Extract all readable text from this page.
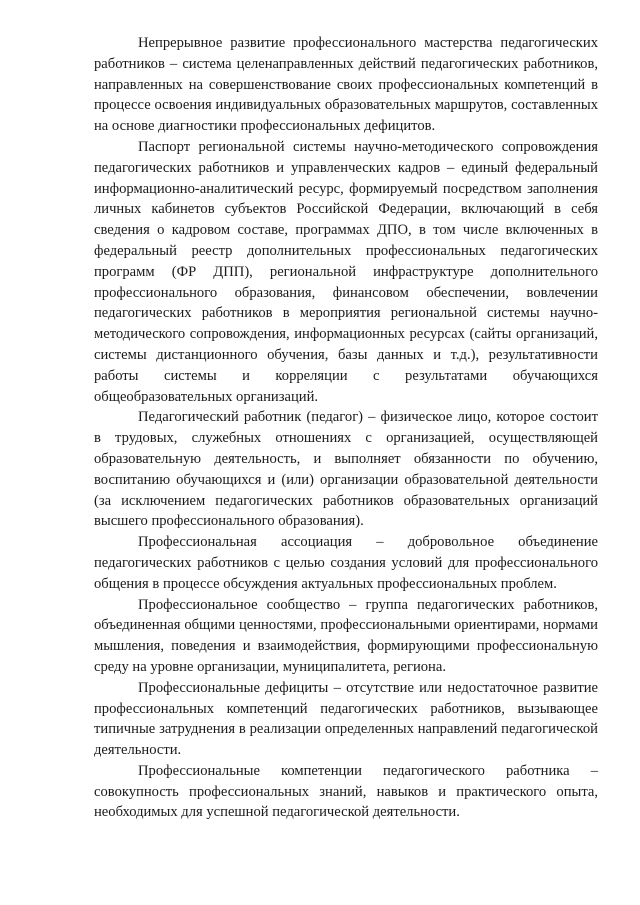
Непрерывное развитие профессионального мастерства педагогических работников – система целенаправленных действий педагогических работников, направленных на совершенствование своих профессиональных компетенций в процессе освоения индивидуальных образовательных маршрутов, составленных на основе диагностики профессиональных дефицитов.

Паспорт региональной системы научно-методического сопровождения педагогических работников и управленческих кадров – единый федеральный информационно-аналитический ресурс, формируемый посредством заполнения личных кабинетов субъектов Российской Федерации, включающий в себя сведения о кадровом составе, программах ДПО, в том числе включенных в федеральный реестр дополнительных профессиональных педагогических программ (ФР ДПП), региональной инфраструктуре дополнительного профессионального образования, финансовом обеспечении, вовлечении педагогических работников в мероприятия региональной системы научно-методического сопровождения, информационных ресурсах (сайты организаций, системы дистанционного обучения, базы данных и т.д.), результативности работы системы и корреляции с результатами обучающихся общеобразовательных организаций.

Педагогический работник (педагог) – физическое лицо, которое состоит в трудовых, служебных отношениях с организацией, осуществляющей образовательную деятельность, и выполняет обязанности по обучению, воспитанию обучающихся и (или) организации образовательной деятельности (за исключением педагогических работников образовательных организаций высшего профессионального образования).

Профессиональная ассоциация – добровольное объединение педагогических работников с целью создания условий для профессионального общения в процессе обсуждения актуальных профессиональных проблем.

Профессиональное сообщество – группа педагогических работников, объединенная общими ценностями, профессиональными ориентирами, нормами мышления, поведения и взаимодействия, формирующими профессиональную среду на уровне организации, муниципалитета, региона.

Профессиональные дефициты – отсутствие или недостаточное развитие профессиональных компетенций педагогических работников, вызывающее типичные затруднения в реализации определенных направлений педагогической деятельности.

Профессиональные компетенции педагогического работника – совокупность профессиональных знаний, навыков и практического опыта, необходимых для успешной педагогической деятельности.
